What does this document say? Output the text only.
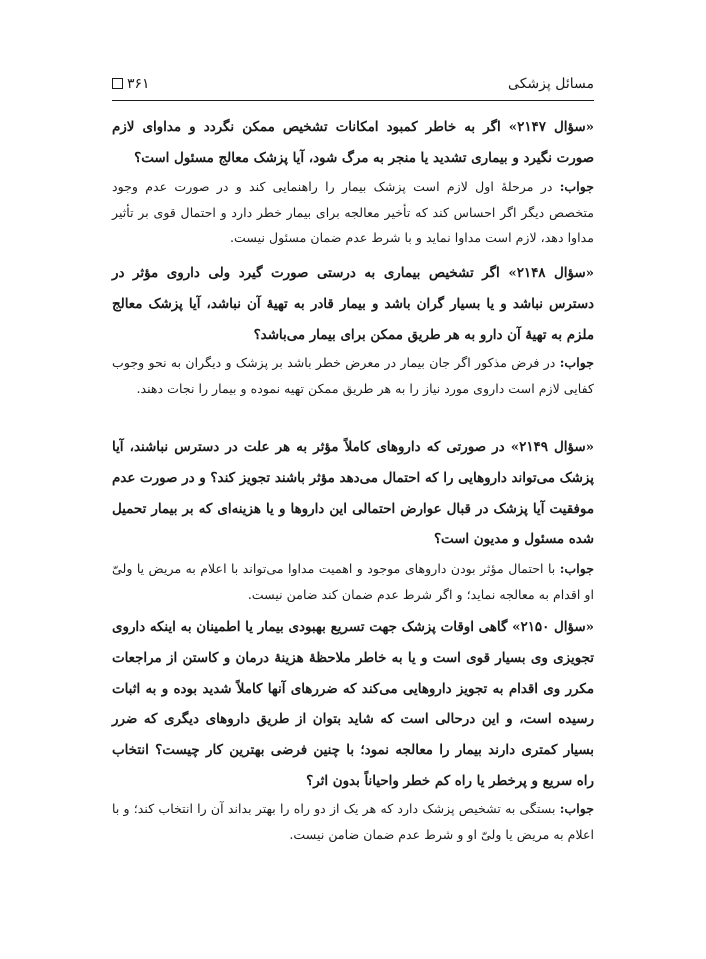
مسائل پزشکی
۳۶۱

«سؤال ۲۱۴۷» اگر به خاطر کمبود امکانات تشخیص ممکن نگردد و مداوای لازم صورت نگیرد و بیماری تشدید یا منجر به مرگ شود، آیا پزشک معالج مسئول است؟

جواب: در مرحلهٔ اول لازم است پزشک بیمار را راهنمایی کند و در صورت عدم وجود متخصص دیگر اگر احساس کند که تأخیر معالجه برای بیمار خطر دارد و احتمال قوی بر تأثیر مداوا دهد، لازم است مداوا نماید و با شرط عدم ضمان مسئول نیست.

«سؤال ۲۱۴۸» اگر تشخیص بیماری به درستی صورت گیرد ولی داروی مؤثر در دسترس نباشد و یا بسیار گران باشد و بیمار قادر به تهیهٔ آن نباشد، آیا پزشک معالج ملزم به تهیهٔ آن دارو به هر طریق ممکن برای بیمار می‌باشد؟

جواب: در فرض مذکور اگر جان بیمار در معرض خطر باشد بر پزشک و دیگران به نحو وجوب کفایی لازم است داروی مورد نیاز را به هر طریق ممکن تهیه نموده و بیمار را نجات دهند.

«سؤال ۲۱۴۹» در صورتی که داروهای کاملاً مؤثر به هر علت در دسترس نباشند، آیا پزشک می‌تواند داروهایی را که احتمال می‌دهد مؤثر باشند تجویز کند؟ و در صورت عدم موفقیت آیا پزشک در قبال عوارض احتمالی این داروها و یا هزینه‌ای که بر بیمار تحمیل شده مسئول و مدیون است؟

جواب: با احتمال مؤثر بودن داروهای موجود و اهمیت مداوا می‌تواند با اعلام به مریض یا ولیّ او اقدام به معالجه نماید؛ و اگر شرط عدم ضمان کند ضامن نیست.

«سؤال ۲۱۵۰» گاهی اوقات پزشک جهت تسریع بهبودی بیمار یا اطمینان به اینکه داروی تجویزی وی بسیار قوی است و یا به خاطر ملاحظهٔ هزینهٔ درمان و کاستن از مراجعات مکرر وی اقدام به تجویز داروهایی می‌کند که ضررهای آنها کاملاً شدید بوده و به اثبات رسیده است، و این درحالی است که شاید بتوان از طریق داروهای دیگری که ضرر بسیار کمتری دارند بیمار را معالجه نمود؛ با چنین فرضی بهترین کار چیست؟ انتخاب راه سریع و پرخطر یا راه کم خطر واحیاناً بدون اثر؟

جواب: بستگی به تشخیص پزشک دارد که هر یک از دو راه را بهتر بداند آن را انتخاب کند؛ و با اعلام به مریض یا ولیّ او و شرط عدم ضمان ضامن نیست.
